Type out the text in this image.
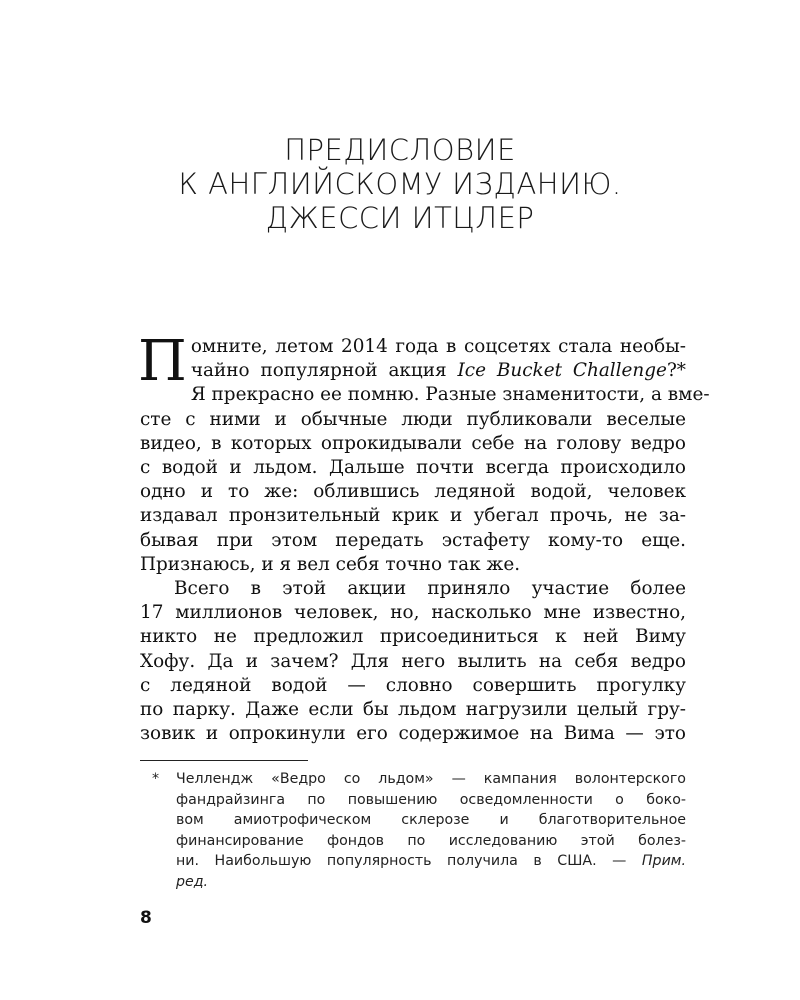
ПРЕДИСЛОВИЕ
К АНГЛИЙСКОМУ ИЗДАНИЮ.
ДЖЕССИ ИТЦЛЕР

П омните, летом 2014 года в соцсетях стала необы-
чайно популярной акция Ice Bucket Challenge?*
Я прекрасно ее помню. Разные знаменитости, а вме-
сте с ними и обычные люди публиковали веселые
видео, в которых опрокидывали себе на голову ведро
с водой и льдом. Дальше почти всегда происходило
одно и то же: облившись ледяной водой, человек
издавал пронзительный крик и убегал прочь, не за-
бывая при этом передать эстафету кому-то еще.
Признаюсь, и я вел себя точно так же.

Всего в этой акции приняло участие более
17 миллионов человек, но, насколько мне известно,
никто не предложил присоединиться к ней Виму
Хофу. Да и зачем? Для него вылить на себя ведро
с ледяной водой — словно совершить прогулку
по парку. Даже если бы льдом нагрузили целый гру-
зовик и опрокинули его содержимое на Вима — это

* Челлендж «Ведро со льдом» — кампания волонтерского
фандрайзинга по повышению осведомленности о боко-
вом амиотрофическом склерозе и благотворительное
финансирование фондов по исследованию этой болез-
ни. Наибольшую популярность получила в США. — Прим.
ред.
8
